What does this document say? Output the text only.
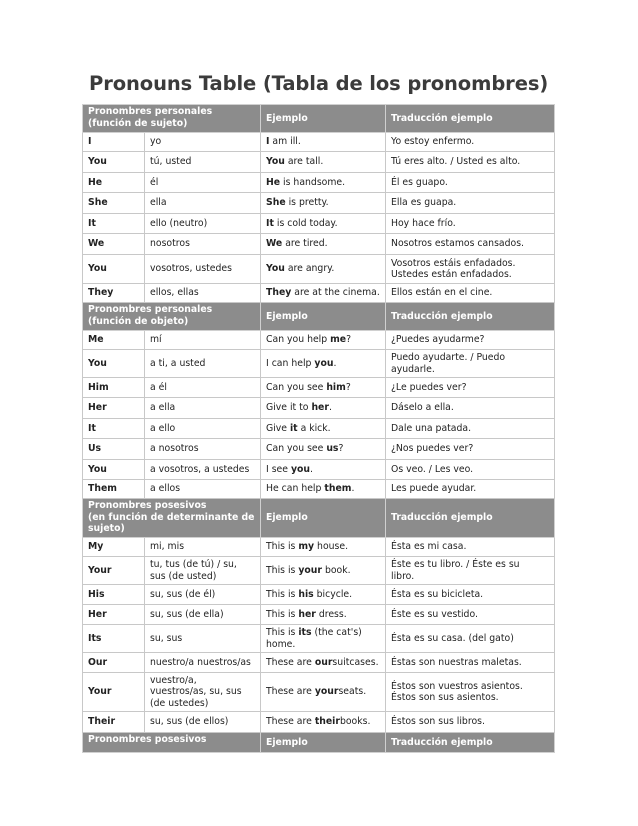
Pronouns Table (Tabla de los pronombres)
Pronombres personales
(función de sujeto)		Ejemplo	Traducción ejemplo
I	yo	I am ill.	Yo estoy enfermo.

You	tú, usted	You are tall.	Tú eres alto. / Usted es alto.

He	él	He is handsome.	Él es guapo.

She	ella	She is pretty.	Ella es guapa.

It	ello (neutro)	It is cold today.	Hoy hace frío.

We	nosotros	We are tired.	Nosotros estamos cansados.

You	vosotros, ustedes	You are angry.	Vosotros estáis enfadados.
Ustedes están enfadados.

They	ellos, ellas	They are at the cinema.	Ellos están en el cine.

Pronombres personales
(función de objeto)		Ejemplo	Traducción ejemplo
Me	mí	Can you help me?	¿Puedes ayudarme?

You	a ti, a usted	I can help you.	Puedo ayudarte. / Puedo
ayudarle.

Him	a él	Can you see him?	¿Le puedes ver?

Her	a ella	Give it to her.	Dáselo a ella.

It	a ello	Give it a kick.	Dale una patada.

Us	a nosotros	Can you see us?	¿Nos puedes ver?

You	a vosotros, a ustedes	I see you.	Os veo. / Les veo.

Them	a ellos	He can help them.	Les puede ayudar.

Pronombres posesivos
(en función de determinante de
sujeto)		Ejemplo	Traducción ejemplo
My	mi, mis	This is my house.	Ésta es mi casa.

Your	tu, tus (de tú) / su,
sus (de usted)	This is your book.	Éste es tu libro. / Éste es su
libro.

His	su, sus (de él)	This is his bicycle.	Ésta es su bicicleta.

Her	su, sus (de ella)	This is her dress.	Éste es su vestido.

Its	su, sus	This is its (the cat's)
home.	Ésta es su casa. (del gato)

Our	nuestro/a nuestros/as	These are oursuitcases.	Éstas son nuestras maletas.

Your	vuestro/a,
vuestros/as, su, sus
(de ustedes)	These are yourseats.	Éstos son vuestros asientos.
Éstos son sus asientos.

Their	su, sus (de ellos)	These are theirbooks.	Éstos son sus libros.

Pronombres posesivos		Ejemplo	Traducción ejemplo
